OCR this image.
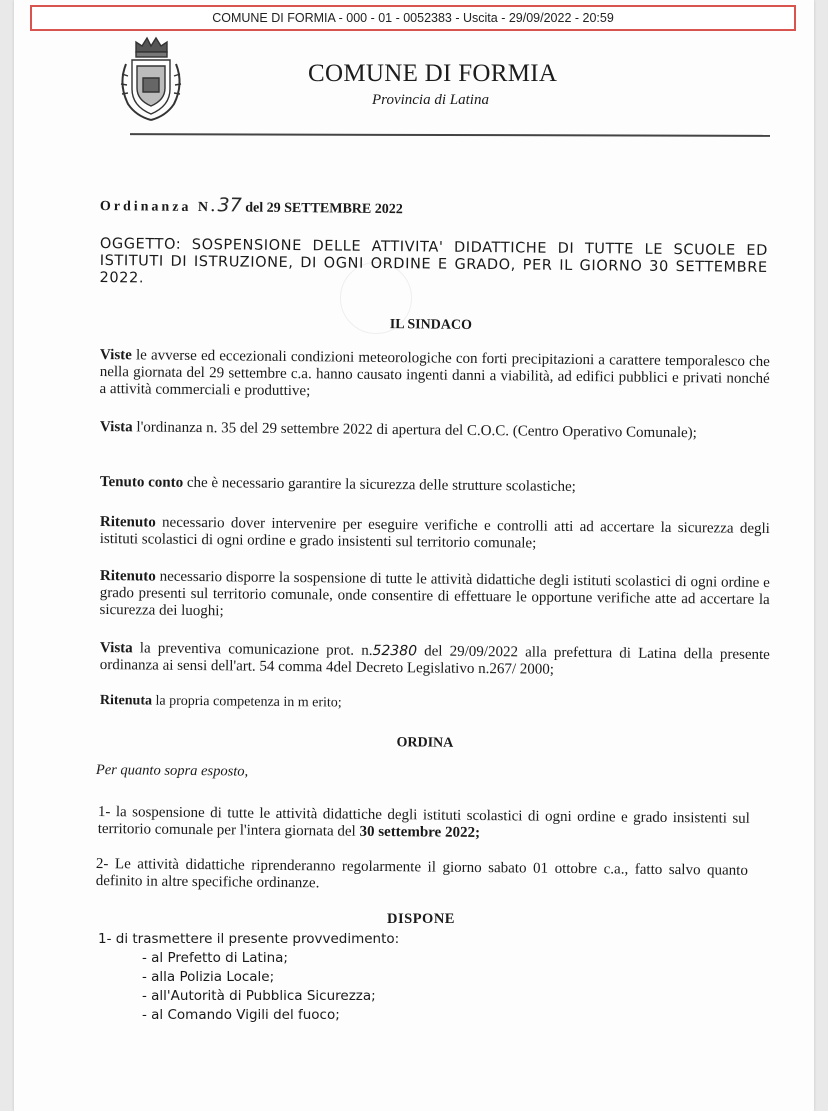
COMUNE DI FORMIA - 000 - 01 - 0052383 - Uscita - 29/09/2022 - 20:59
COMUNE DI FORMIA
Provincia di Latina
Ordinanza N.37 del 29 SETTEMBRE 2022
OGGETTO: SOSPENSIONE DELLE ATTIVITA' DIDATTICHE DI TUTTE LE SCUOLE ED ISTITUTI DI ISTRUZIONE, DI OGNI ORDINE E GRADO, PER IL GIORNO 30 SETTEMBRE 2022.
IL SINDACO
Viste le avverse ed eccezionali condizioni meteorologiche con forti precipitazioni a carattere temporalesco che nella giornata del 29 settembre c.a. hanno causato ingenti danni a viabilità, ad edifici pubblici e privati nonché a attività commerciali e produttive;
Vista l'ordinanza n. 35 del 29 settembre 2022 di apertura del C.O.C. (Centro Operativo Comunale);
Tenuto conto che è necessario garantire la sicurezza delle strutture scolastiche;
Ritenuto necessario dover intervenire per eseguire verifiche e controlli atti ad accertare la sicurezza degli istituti scolastici di ogni ordine e grado insistenti sul territorio comunale;
Ritenuto necessario disporre la sospensione di tutte le attività didattiche degli istituti scolastici di ogni ordine e grado presenti sul territorio comunale, onde consentire di effettuare le opportune verifiche atte ad accertare la sicurezza dei luoghi;
Vista la preventiva comunicazione prot. n.52380 del 29/09/2022 alla prefettura di Latina della presente ordinanza ai sensi dell'art. 54 comma 4del Decreto Legislativo n.267/ 2000;
Ritenuta la propria competenza in m erito;
ORDINA
Per quanto sopra esposto,
1- la sospensione di tutte le attività didattiche degli istituti scolastici di ogni ordine e grado insistenti sul territorio comunale per l'intera giornata del 30 settembre 2022;
2- Le attività didattiche riprenderanno regolarmente il giorno sabato 01 ottobre c.a., fatto salvo quanto definito in altre specifiche ordinanze.
DISPONE
1- di trasmettere il presente provvedimento:
- al Prefetto di Latina;
- alla Polizia Locale;
- all'Autorità di Pubblica Sicurezza;
- al Comando Vigili del fuoco;
